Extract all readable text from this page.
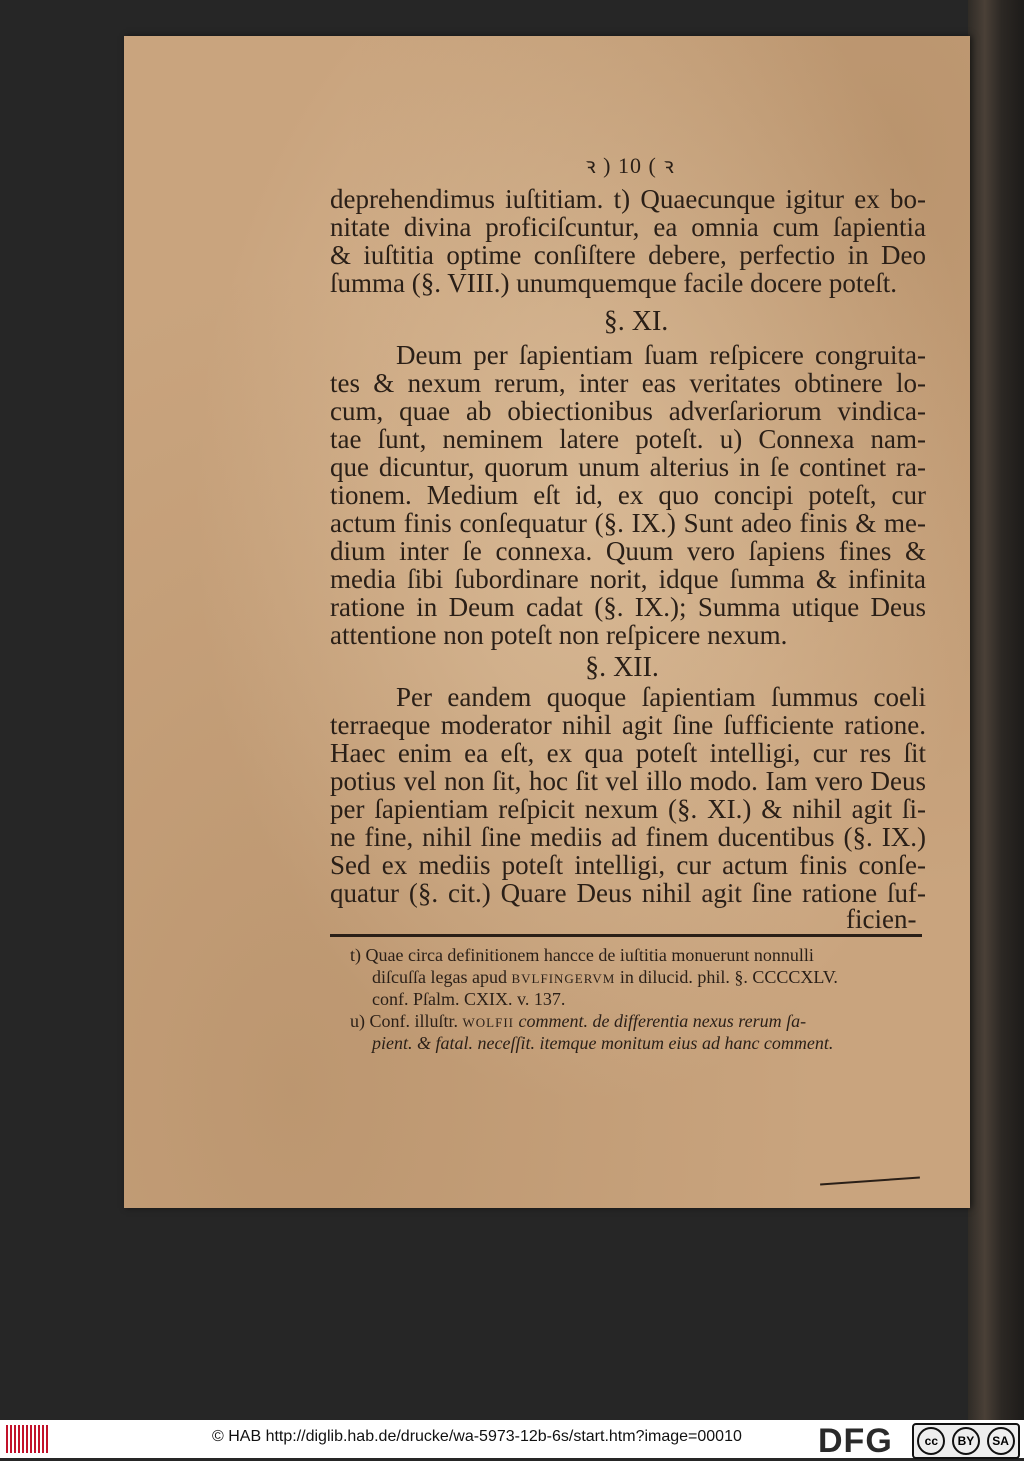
ꝛ ) 10 ( ꝛ
deprehendimus iuſtitiam. t) Quaecunque igitur ex bo-
nitate divina proficiſcuntur, ea omnia cum ſapientia
& iuſtitia optime conſiſtere debere, perfectio in Deo
ſumma (§. VIII.) unumquemque facile docere poteſt.
§. XI.
Deum per ſapientiam ſuam reſpicere congruita-
tes & nexum rerum, inter eas veritates obtinere lo-
cum, quae ab obiectionibus adverſariorum vindica-
tae ſunt, neminem latere poteſt. u) Connexa nam-
que dicuntur, quorum unum alterius in ſe continet ra-
tionem. Medium eſt id, ex quo concipi poteſt, cur
actum finis conſequatur (§. IX.) Sunt adeo finis & me-
dium inter ſe connexa. Quum vero ſapiens fines &
media ſibi ſubordinare norit, idque ſumma & infinita
ratione in Deum cadat (§. IX.); Summa utique Deus
attentione non poteſt non reſpicere nexum.
§. XII.
Per eandem quoque ſapientiam ſummus coeli
terraeque moderator nihil agit ſine ſufficiente ratione.
Haec enim ea eſt, ex qua poteſt intelligi, cur res ſit
potius vel non ſit, hoc ſit vel illo modo. Iam vero Deus
per ſapientiam reſpicit nexum (§. XI.) & nihil agit ſi-
ne fine, nihil ſine mediis ad finem ducentibus (§. IX.)
Sed ex mediis poteſt intelligi, cur actum finis conſe-
quatur (§. cit.) Quare Deus nihil agit ſine ratione ſuf-
ficien-
t) Quae circa definitionem hancce de iuſtitia monuerunt nonnulli
diſcuſſa legas apud bvlfingervm in dilucid. phil. §. CCCCXLV.
conf. Pſalm. CXIX. v. 137.
u) Conf. illuſtr. wolfii comment. de differentia nexus rerum ſa-
pient. & fatal. neceſſit. itemque monitum eius ad hanc comment.
© HAB http://diglib.hab.de/drucke/wa-5973-12b-6s/start.htm?image=00010 DFG	cc	BY	SA
